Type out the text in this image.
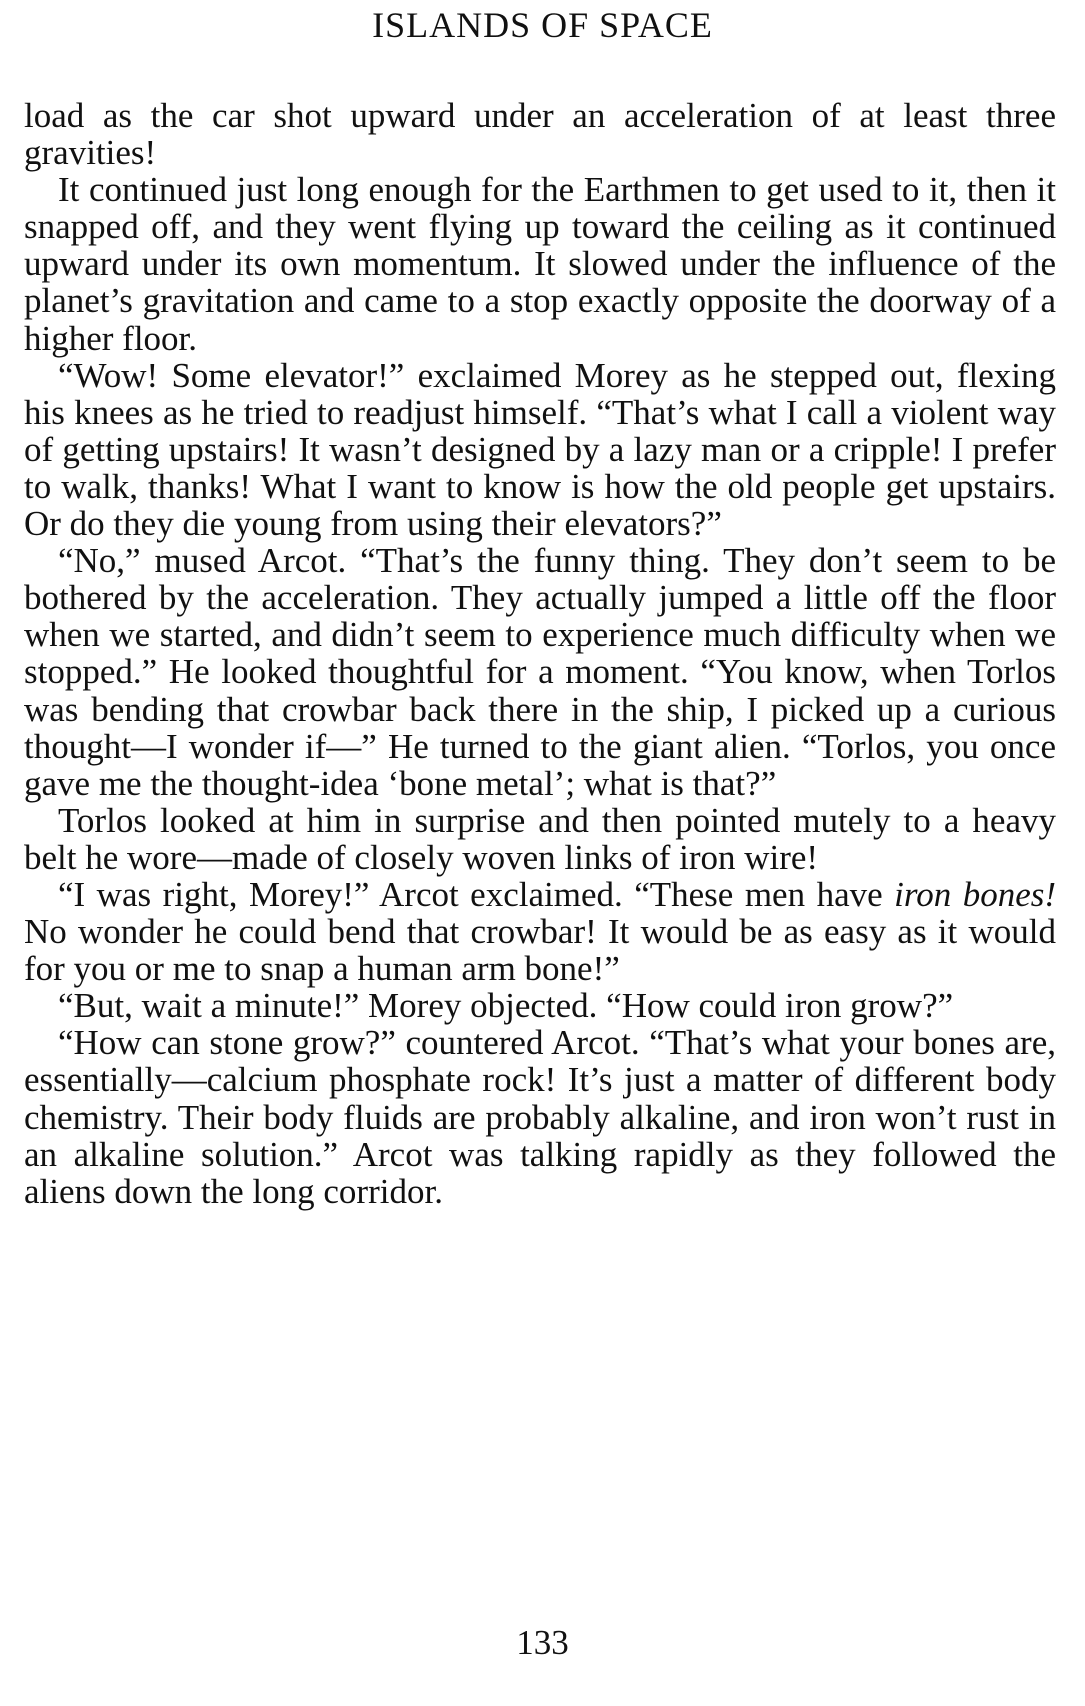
ISLANDS OF SPACE

load as the car shot upward under an acceleration of at least three gravities!

It continued just long enough for the Earthmen to get used to it, then it snapped off, and they went flying up toward the ceiling as it continued upward under its own momentum. It slowed under the influence of the planet’s gravitation and came to a stop exactly opposite the doorway of a higher floor.

“Wow! Some elevator!” exclaimed Morey as he stepped out, flexing his knees as he tried to readjust himself. “That’s what I call a violent way of getting upstairs! It wasn’t designed by a lazy man or a cripple! I prefer to walk, thanks! What I want to know is how the old people get upstairs. Or do they die young from using their elevators?”

“No,” mused Arcot. “That’s the funny thing. They don’t seem to be bothered by the acceleration. They actually jumped a little off the floor when we started, and didn’t seem to experience much difficulty when we stopped.” He looked thoughtful for a moment. “You know, when Torlos was bending that crowbar back there in the ship, I picked up a curious thought—I wonder if—” He turned to the giant alien. “Torlos, you once gave me the thought-idea ‘bone metal’; what is that?”

Torlos looked at him in surprise and then pointed mutely to a heavy belt he wore—made of closely woven links of iron wire!

“I was right, Morey!” Arcot exclaimed. “These men have iron bones! No wonder he could bend that crowbar! It would be as easy as it would for you or me to snap a human arm bone!”

“But, wait a minute!” Morey objected. “How could iron grow?”

“How can stone grow?” countered Arcot. “That’s what your bones are, essentially—calcium phosphate rock! It’s just a matter of different body chemistry. Their body fluids are probably alkaline, and iron won’t rust in an alkaline solution.” Arcot was talking rapidly as they followed the aliens down the long corridor.

133
